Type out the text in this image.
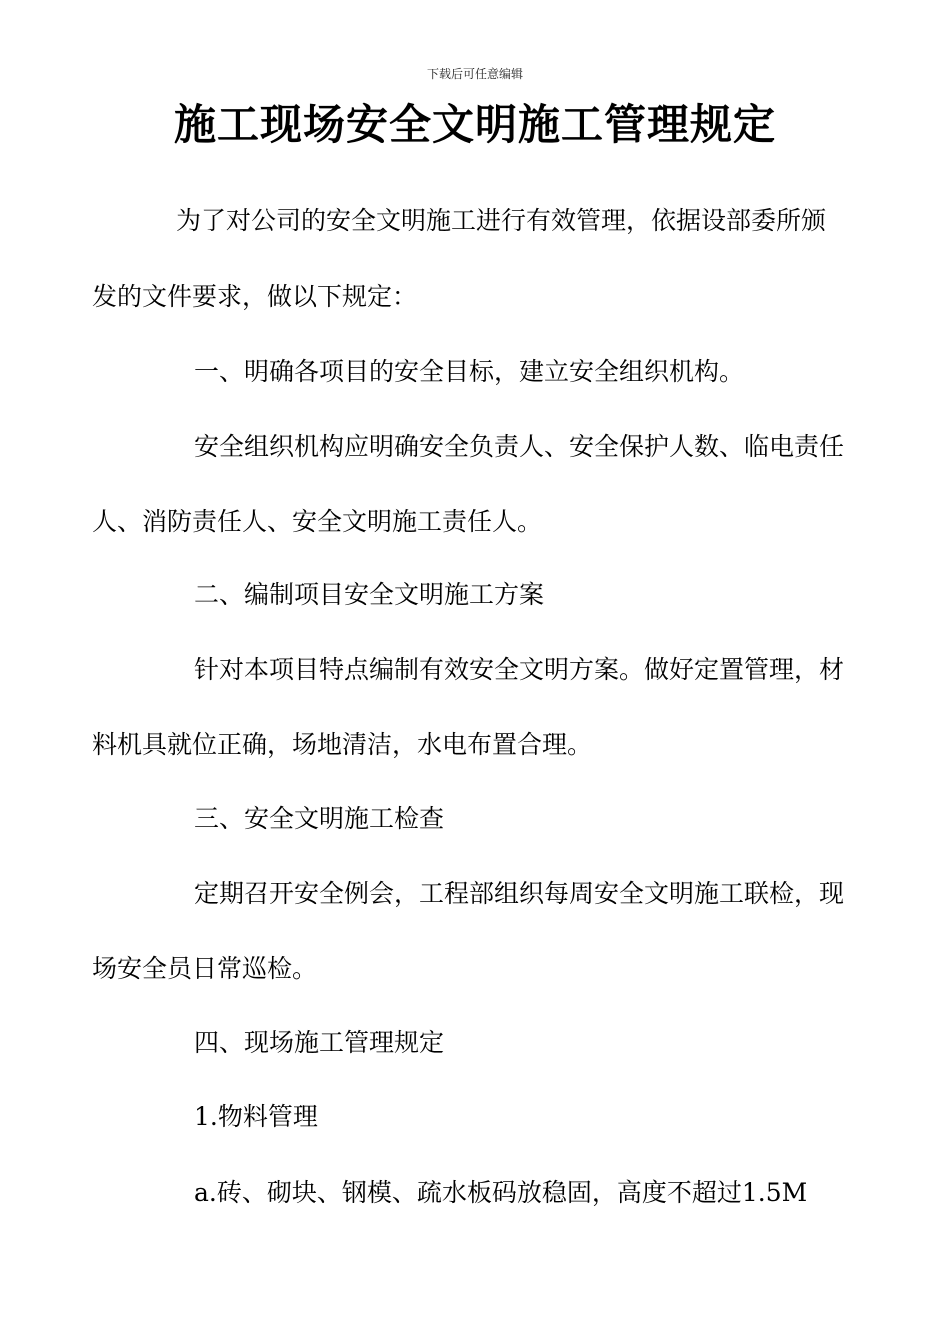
下载后可任意编辑
施工现场安全文明施工管理规定
为了对公司的安全文明施工进行有效管理，依据设部委所颁
发的文件要求，做以下规定：
一、明确各项目的安全目标，建立安全组织机构。
安全组织机构应明确安全负责人、安全保护人数、临电责任
人、消防责任人、安全文明施工责任人。
二、编制项目安全文明施工方案
针对本项目特点编制有效安全文明方案。做好定置管理，材
料机具就位正确，场地清洁，水电布置合理。
三、安全文明施工检查
定期召开安全例会，工程部组织每周安全文明施工联检，现
场安全员日常巡检。
四、现场施工管理规定
1.物料管理
a.砖、砌块、钢模、疏水板码放稳固，高度不超过1.5M
